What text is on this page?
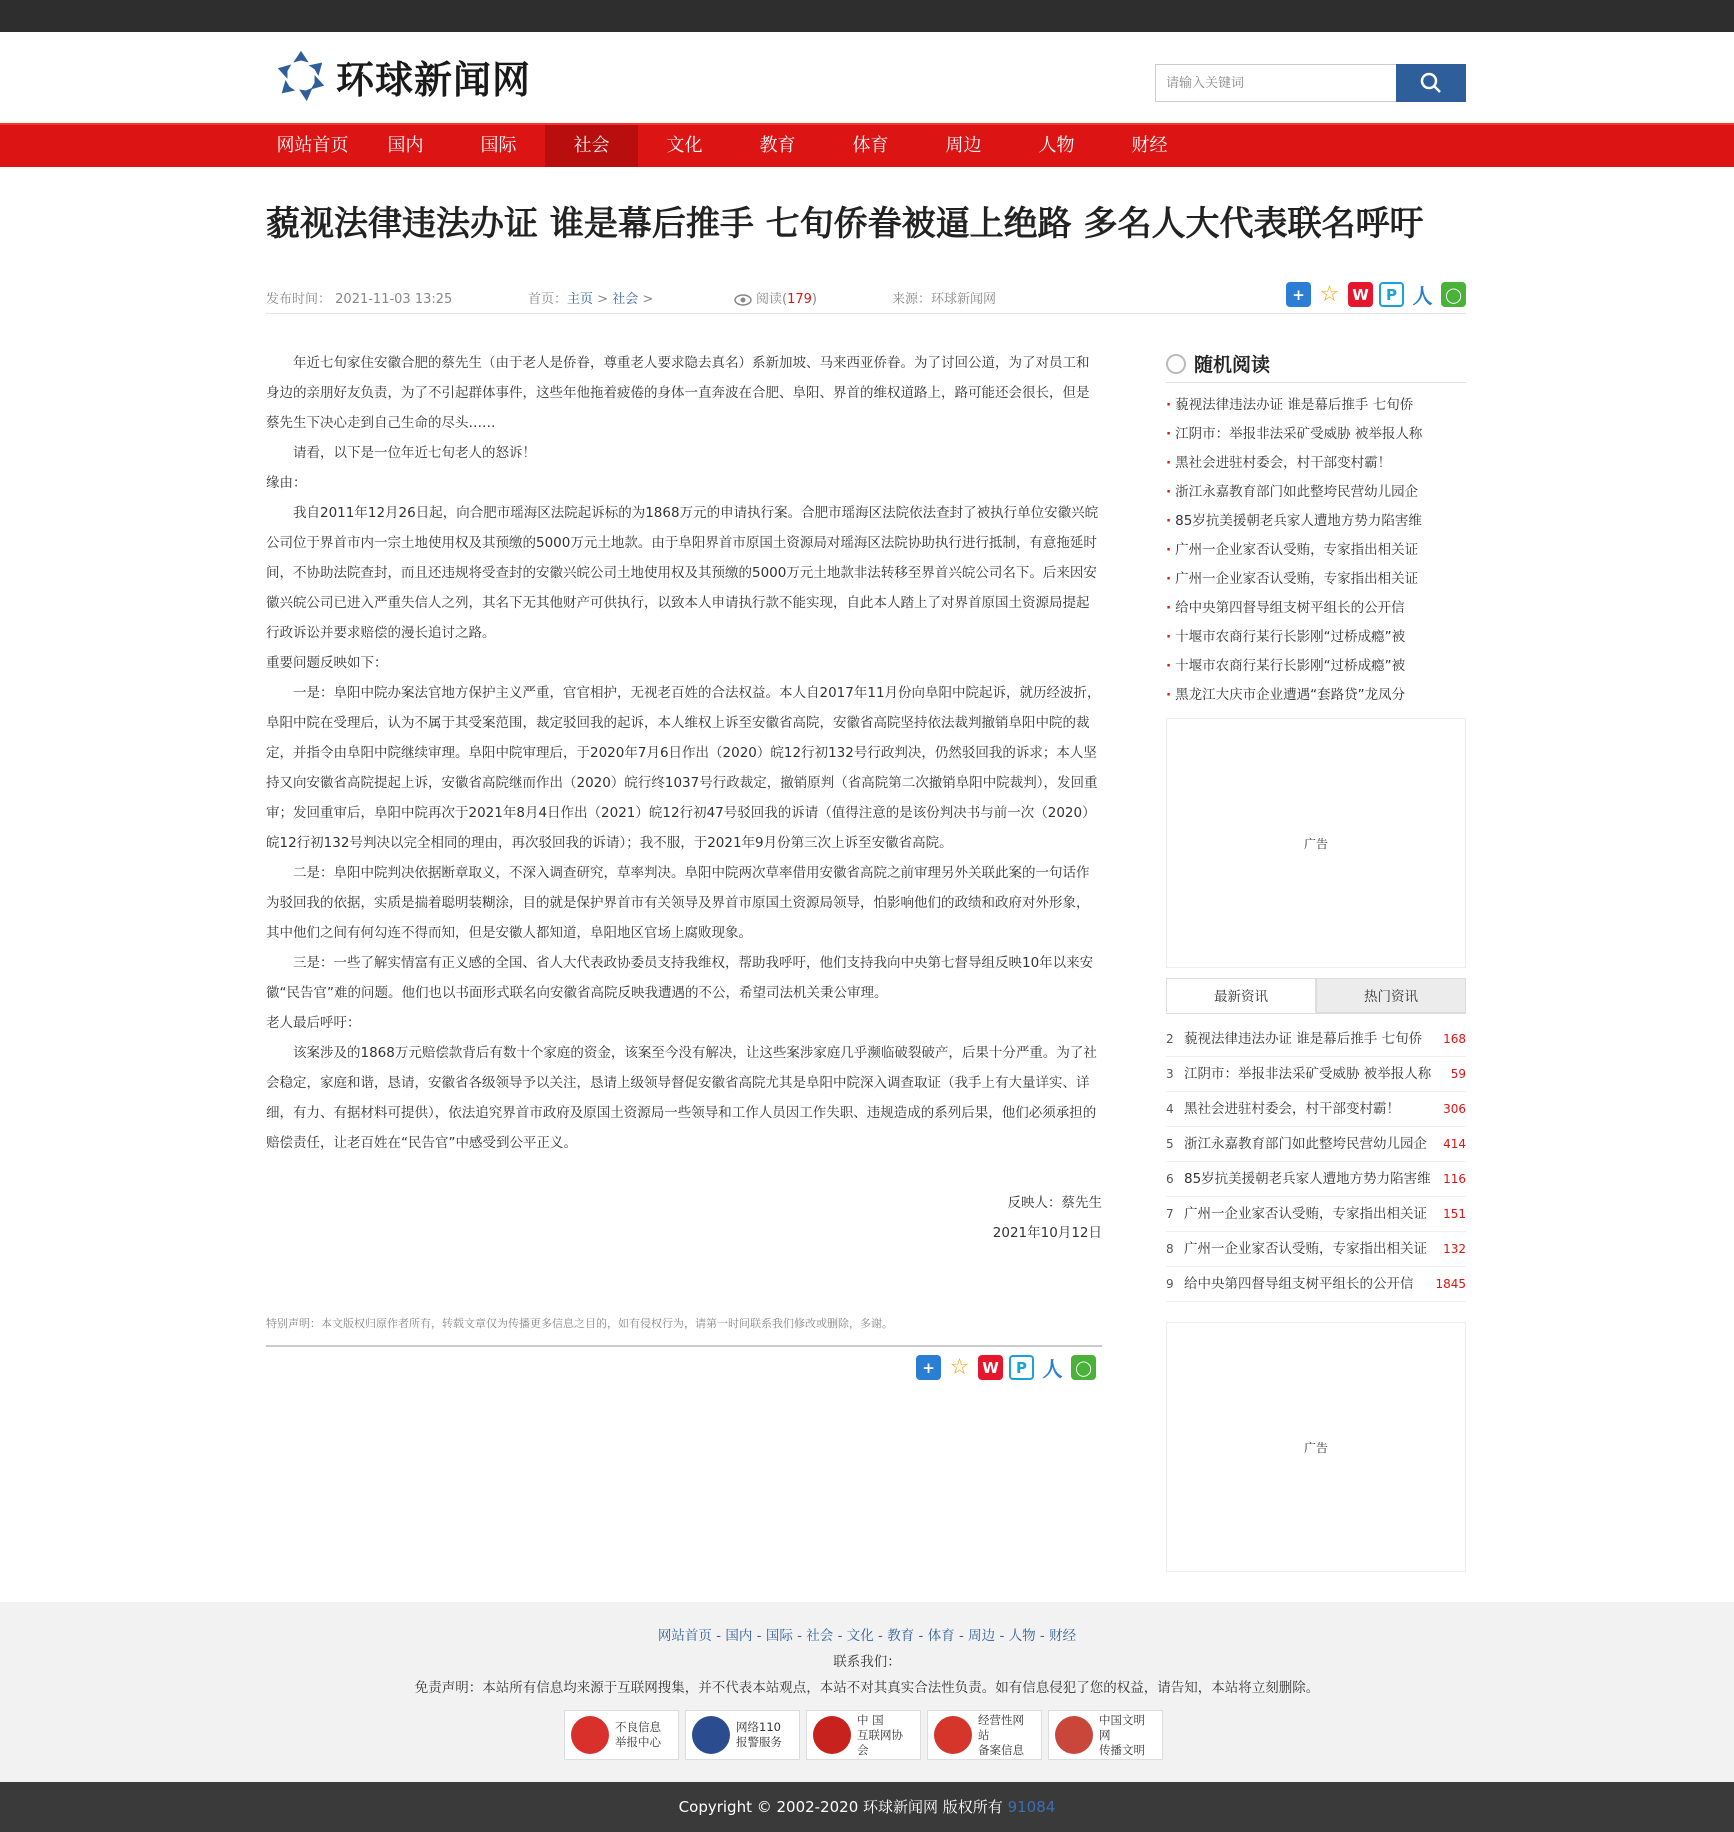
环球新闻网
请输入关键词
网站首页	国内	国际	社会	文化	教育	体育	周边	人物	财经
藐视法律违法办证 谁是幕后推手 七旬侨眷被逼上绝路 多名人大代表联名呼吁
发布时间： 2021-11-03 13:25	首页：主页 > 社会 >	阅读(179)	来源：环球新闻网	+ ☆ W	P 人 ◯

年近七旬家住安徽合肥的蔡先生（由于老人是侨眷，尊重老人要求隐去真名）系新加坡、马来西亚侨眷。为了讨回公道，为了对员工和身边的亲朋好友负责，为了不引起群体事件，这些年他拖着疲倦的身体一直奔波在合肥、阜阳、界首的维权道路上，路可能还会很长，但是蔡先生下决心走到自己生命的尽头……

请看，以下是一位年近七旬老人的怒诉！

缘由：

我自2011年12月26日起，向合肥市瑶海区法院起诉标的为1868万元的申请执行案。合肥市瑶海区法院依法查封了被执行单位安徽兴皖公司位于界首市内一宗土地使用权及其预缴的5000万元土地款。由于阜阳界首市原国土资源局对瑶海区法院协助执行进行抵制，有意拖延时间，不协助法院查封，而且还违规将受查封的安徽兴皖公司土地使用权及其预缴的5000万元土地款非法转移至界首兴皖公司名下。后来因安徽兴皖公司已进入严重失信人之列，其名下无其他财产可供执行，以致本人申请执行款不能实现，自此本人踏上了对界首原国土资源局提起行政诉讼并要求赔偿的漫长追讨之路。

重要问题反映如下：

一是：阜阳中院办案法官地方保护主义严重，官官相护，无视老百姓的合法权益。本人自2017年11月份向阜阳中院起诉，就历经波折，阜阳中院在受理后，认为不属于其受案范围，裁定驳回我的起诉，本人维权上诉至安徽省高院，安徽省高院坚持依法裁判撤销阜阳中院的裁定，并指令由阜阳中院继续审理。阜阳中院审理后，于2020年7月6日作出（2020）皖12行初132号行政判决，仍然驳回我的诉求；本人坚持又向安徽省高院提起上诉，安徽省高院继而作出（2020）皖行终1037号行政裁定，撤销原判（省高院第二次撤销阜阳中院裁判），发回重审；发回重审后，阜阳中院再次于2021年8月4日作出（2021）皖12行初47号驳回我的诉请（值得注意的是该份判决书与前一次（2020）皖12行初132号判决以完全相同的理由，再次驳回我的诉请）；我不服，于2021年9月份第三次上诉至安徽省高院。

二是：阜阳中院判决依据断章取义，不深入调查研究，草率判决。阜阳中院两次草率借用安徽省高院之前审理另外关联此案的一句话作为驳回我的依据，实质是揣着聪明装糊涂，目的就是保护界首市有关领导及界首市原国土资源局领导，怕影响他们的政绩和政府对外形象，其中他们之间有何勾连不得而知，但是安徽人都知道，阜阳地区官场上腐败现象。

三是：一些了解实情富有正义感的全国、省人大代表政协委员支持我维权，帮助我呼吁，他们支持我向中央第七督导组反映10年以来安徽“民告官”难的问题。他们也以书面形式联名向安徽省高院反映我遭遇的不公，希望司法机关秉公审理。

老人最后呼吁：

该案涉及的1868万元赔偿款背后有数十个家庭的资金，该案至今没有解决，让这些案涉家庭几乎濒临破裂破产，后果十分严重。为了社会稳定，家庭和谐，恳请，安徽省各级领导予以关注，恳请上级领导督促安徽省高院尤其是阜阳中院深入调查取证（我手上有大量详实、详细，有力、有据材料可提供），依法追究界首市政府及原国土资源局一些领导和工作人员因工作失职、违规造成的系列后果，他们必须承担的赔偿责任，让老百姓在“民告官”中感受到公平正义。

反映人：蔡先生

2021年10月12日

特别声明：本文版权归原作者所有，转载文章仅为传播更多信息之目的，如有侵权行为，请第一时间联系我们修改或删除，多谢。
+ ☆ W	P 人 ◯
随机阅读
· 藐视法律违法办证 谁是幕后推手 七旬侨
· 江阴市：举报非法采矿受威胁 被举报人称
· 黑社会进驻村委会，村干部变村霸！
· 浙江永嘉教育部门如此整垮民营幼儿园企
· 85岁抗美援朝老兵家人遭地方势力陷害维
· 广州一企业家否认受贿，专家指出相关证
· 广州一企业家否认受贿，专家指出相关证
· 给中央第四督导组支树平组长的公开信
· 十堰市农商行某行长影刚“过桥成瘾”被
· 十堰市农商行某行长影刚“过桥成瘾”被
· 黑龙江大庆市企业遭遇“套路贷”龙凤分
广告
最新资讯	热门资讯
2 藐视法律违法办证 谁是幕后推手 七旬侨	168
3 江阴市：举报非法采矿受威胁 被举报人称	59
4 黑社会进驻村委会，村干部变村霸！	306
5 浙江永嘉教育部门如此整垮民营幼儿园企	414
6 85岁抗美援朝老兵家人遭地方势力陷害维	116
7 广州一企业家否认受贿，专家指出相关证	151
8 广州一企业家否认受贿，专家指出相关证	132
9 给中央第四督导组支树平组长的公开信	1845
广告
网站首页 - 国内 - 国际 - 社会 - 文化 - 教育 - 体育 - 周边 - 人物 - 财经
联系我们：
免责声明：本站所有信息均来源于互联网搜集，并不代表本站观点，本站不对其真实合法性负责。如有信息侵犯了您的权益，请告知，本站将立刻删除。
不良信息
举报中心
网络110
报警服务
中 国
互联网协会
经营性网站
备案信息
中国文明网
传播文明
Copyright © 2002-2020 环球新闻网 版权所有 91084
